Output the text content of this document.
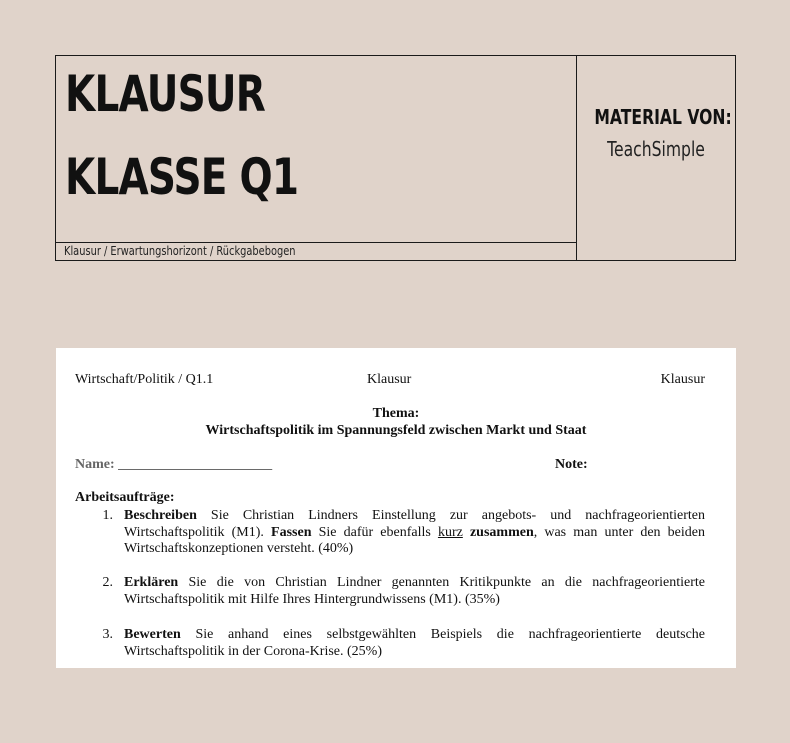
KLAUSUR
KLASSE Q1
Klausur / Erwartungshorizont / Rückgabebogen
MATERIAL VON:
TeachSimple
Wirtschaft/Politik / Q1.1	Klausur	Klausur
Thema:
Wirtschaftspolitik im Spannungsfeld zwischen Markt und Staat
Name: ______________________	Note:
Arbeitsaufträge:
1. Beschreiben Sie Christian Lindners Einstellung zur angebots- und nachfrageorientierten Wirtschaftspolitik (M1). Fassen Sie dafür ebenfalls kurz zusammen, was man unter den beiden Wirtschaftskonzeptionen versteht. (40%)
2. Erklären Sie die von Christian Lindner genannten Kritikpunkte an die nachfrageorientierte Wirtschaftspolitik mit Hilfe Ihres Hintergrundwissens (M1). (35%)
3. Bewerten Sie anhand eines selbstgewählten Beispiels die nachfrageorientierte deutsche Wirtschaftspolitik in der Corona-Krise. (25%)
